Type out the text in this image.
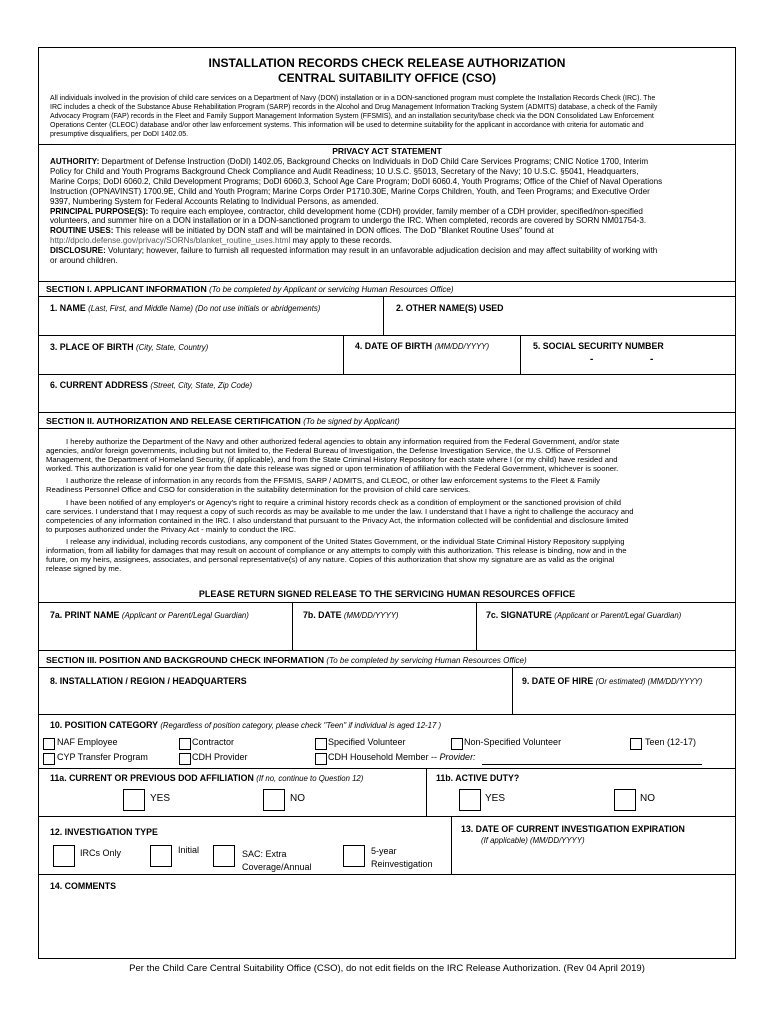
INSTALLATION RECORDS CHECK RELEASE AUTHORIZATION
CENTRAL SUITABILITY OFFICE (CSO)
All individuals involved in the provision of child care services on a Department of Navy (DON) installation or in a DON-sanctioned program must complete the Installation Records Check (IRC). The
IRC includes a check of the Substance Abuse Rehabilitation Program (SARP) records in the Alcohol and Drug Management Information Tracking System (ADMITS) database, a check of the Family
Advocacy Program (FAP) records in the Fleet and Family Support Management Information System (FFSMIS), and an installation security/base check via the DON Consolidated Law Enforcement
Operations Center (CLEOC) database and/or other law enforcement systems. This information will be used to determine suitability for the applicant in accordance with criteria for automatic and
presumptive disqualifiers, per DoDI 1402.05.
PRIVACY ACT STATEMENT
AUTHORITY: Department of Defense Instruction (DoDI) 1402.05, Background Checks on Individuals in DoD Child Care Services Programs; CNIC Notice 1700, Interim
Policy for Child and Youth Programs Background Check Compliance and Audit Readiness; 10 U.S.C. §5013, Secretary of the Navy; 10 U.S.C. §5041, Headquarters,
Marine Corps; DoDI 6060.2, Child Development Programs; DoDI 6060.3, School Age Care Program; DoDI 6060.4, Youth Programs; Office of the Chief of Naval Operations
Instruction (OPNAVINST) 1700.9E, Child and Youth Program; Marine Corps Order P1710.30E, Marine Corps Children, Youth, and Teen Programs; and Executive Order
9397, Numbering System for Federal Accounts Relating to Individual Persons, as amended.
PRINCIPAL PURPOSE(S): To require each employee, contractor, child development home (CDH) provider, family member of a CDH provider, specified/non-specified
volunteers, and summer hire on a DON installation or in a DON-sanctioned program to undergo the IRC. When completed, records are covered by SORN NM01754-3.
ROUTINE USES: This release will be initiated by DON staff and will be maintained in DON offices. The DoD "Blanket Routine Uses" found at
http://dpclo.defense.gov/privacy/SORNs/blanket_routine_uses.html may apply to these records.
DISCLOSURE: Voluntary; however, failure to furnish all requested information may result in an unfavorable adjudication decision and may affect suitability of working with
or around children.
SECTION I. APPLICANT INFORMATION (To be completed by Applicant or servicing Human Resources Office)
1. NAME (Last, First, and Middle Name) (Do not use initials or abridgements)	2. OTHER NAME(S) USED
3. PLACE OF BIRTH (City, State, Country)	4. DATE OF BIRTH (MM/DD/YYYY)	5. SOCIAL SECURITY NUMBER
-	-
6. CURRENT ADDRESS (Street, City, State, Zip Code)
SECTION II. AUTHORIZATION AND RELEASE CERTIFICATION (To be signed by Applicant)
I hereby authorize the Department of the Navy and other authorized federal agencies to obtain any information required from the Federal Government, and/or state
agencies, and/or foreign governments, including but not limited to, the Federal Bureau of Investigation, the Defense Investigation Service, the U.S. Office of Personnel
Management, the Department of Homeland Security, (if applicable), and from the State Criminal History Repository for each state where I (or my child) have resided and
worked. This authorization is valid for one year from the date this release was signed or upon termination of affiliation with the Federal Government, whichever is sooner.
I authorize the release of information in any records from the FFSMIS, SARP / ADMITS, and CLEOC, or other law enforcement systems to the Fleet & Family
Readiness Personnel Office and CSO for consideration in the suitability determination for the provision of child care services.
I have been notified of any employer's or Agency's right to require a criminal history records check as a condition of employment or the sanctioned provision of child
care services. I understand that I may request a copy of such records as may be available to me under the law. I understand that I have a right to challenge the accuracy and
competencies of any information contained in the IRC. I also understand that pursuant to the Privacy Act, the information collected will be confidential and disclosure limited
to purposes authorized under the Privacy Act - mainly to conduct the IRC.
I release any individual, including records custodians, any component of the United States Government, or the individual State Criminal History Repository supplying
information, from all liability for damages that may result on account of compliance or any attempts to comply with this authorization. This release is binding, now and in the
future, on my heirs, assignees, associates, and personal representative(s) of any nature. Copies of this authorization that show my signature are as valid as the original
release signed by me.
PLEASE RETURN SIGNED RELEASE TO THE SERVICING HUMAN RESOURCES OFFICE
7a. PRINT NAME (Applicant or Parent/Legal Guardian)	7b. DATE (MM/DD/YYYY)	7c. SIGNATURE (Applicant or Parent/Legal Guardian)
SECTION III. POSITION AND BACKGROUND CHECK INFORMATION (To be completed by servicing Human Resources Office)
8. INSTALLATION / REGION / HEADQUARTERS	9. DATE OF HIRE (Or estimated) (MM/DD/YYYY)
10. POSITION CATEGORY (Regardless of position category, please check "Teen" if individual is aged 12-17 )
NAF Employee	Contractor	Specified Volunteer	Non-Specified Volunteer	Teen (12-17)
CYP Transfer Program	CDH Provider	CDH Household Member -- Provider:
11a. CURRENT OR PREVIOUS DOD AFFILIATION (If no, continue to Question 12)
YES	NO
11b. ACTIVE DUTY?
YES	NO
12. INVESTIGATION TYPE
IRCs Only	Initial	SAC: Extra
Coverage/Annual
5-year
Reinvestigation
13. DATE OF CURRENT INVESTIGATION EXPIRATION
(If applicable) (MM/DD/YYYY)
14. COMMENTS
Per the Child Care Central Suitability Office (CSO), do not edit fields on the IRC Release Authorization. (Rev 04 April 2019)
